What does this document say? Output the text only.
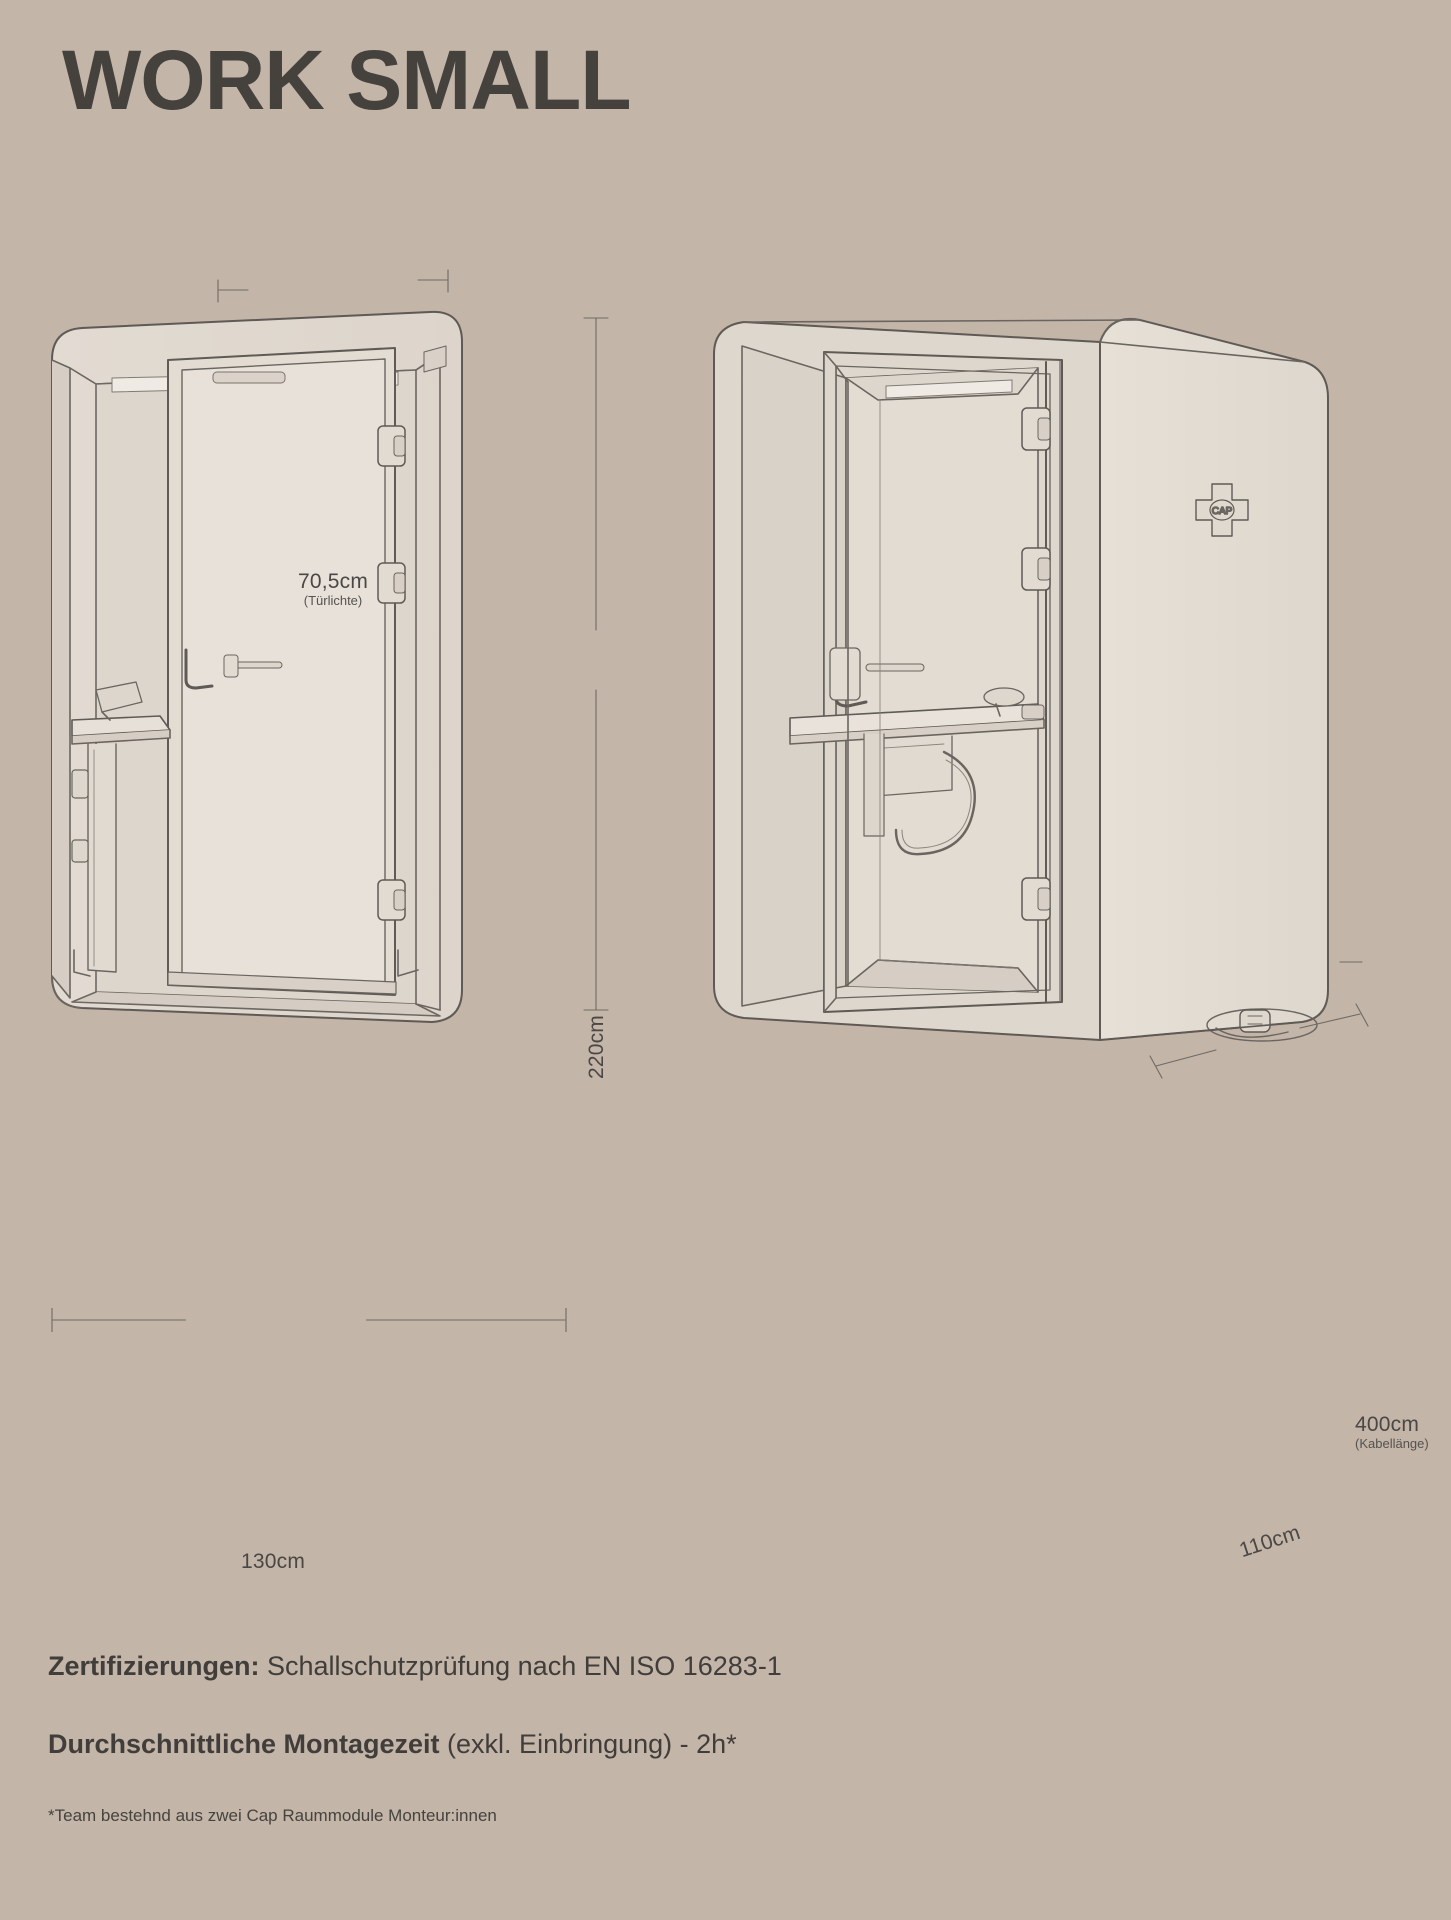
WORK SMALL
CAP
70,5cm
(Türlichte)
220cm
130cm	110cm
400cm
(Kabellänge)
Zertifizierungen: Schallschutzprüfung nach EN ISO 16283-1
Durchschnittliche Montagezeit (exkl. Einbringung) - 2h*
*Team bestehnd aus zwei Cap Raummodule Monteur:innen
